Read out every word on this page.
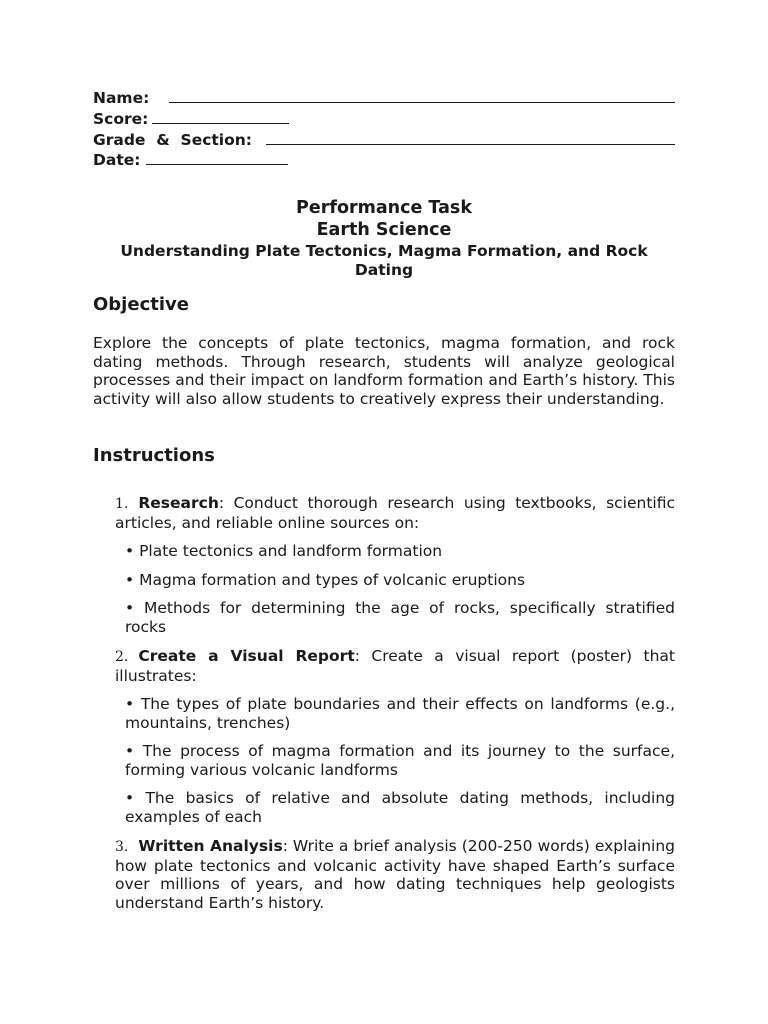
Name:
Score:
Grade  &  Section:
Date:
Performance Task
Earth Science
Understanding Plate Tectonics, Magma Formation, and Rock Dating
Objective

Explore the concepts of plate tectonics, magma formation, and rock dating methods. Through research, students will analyze geological processes and their impact on landform formation and Earth’s history. This activity will also allow students to creatively express their understanding.

Instructions

1. Research: Conduct thorough research using textbooks, scientific articles, and reliable online sources on:

• Plate tectonics and landform formation

• Magma formation and types of volcanic eruptions

• Methods for determining the age of rocks, specifically stratified rocks

2. Create a Visual Report: Create a visual report (poster) that illustrates:

• The types of plate boundaries and their effects on landforms (e.g., mountains, trenches)

• The process of magma formation and its journey to the surface, forming various volcanic landforms

• The basics of relative and absolute dating methods, including examples of each

3. Written Analysis: Write a brief analysis (200-250 words) explaining how plate tectonics and volcanic activity have shaped Earth’s surface over millions of years, and how dating techniques help geologists understand Earth’s history.
